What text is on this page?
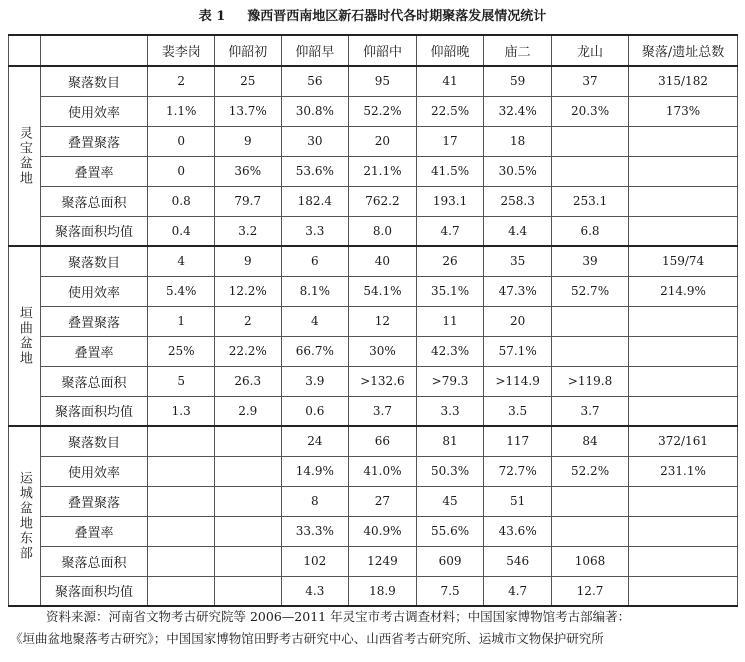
表 1 豫西晋西南地区新石器时代各时期聚落发展情况统计
		裴李岗	仰韶初	仰韶早	仰韶中	仰韶晚	庙二	龙山	聚落/遗址总数
灵宝盆地	聚落数目	2	25	56	95	41	59	37	315/182
	使用效率	1.1%	13.7%	30.8%	52.2%	22.5%	32.4%	20.3%	173%
	叠置聚落	0	9	30	20	17	18		
	叠置率	0	36%	53.6%	21.1%	41.5%	30.5%		
	聚落总面积	0.8	79.7	182.4	762.2	193.1	258.3	253.1	
	聚落面积均值	0.4	3.2	3.3	8.0	4.7	4.4	6.8	
垣曲盆地	聚落数目	4	9	6	40	26	35	39	159/74
	使用效率	5.4%	12.2%	8.1%	54.1%	35.1%	47.3%	52.7%	214.9%
	叠置聚落	1	2	4	12	11	20		
	叠置率	25%	22.2%	66.7%	30%	42.3%	57.1%		
	聚落总面积	5	26.3	3.9	>132.6	>79.3	>114.9	>119.8	
	聚落面积均值	1.3	2.9	0.6	3.7	3.3	3.5	3.7	
运城盆地东部	聚落数目			24	66	81	117	84	372/161
	使用效率			14.9%	41.0%	50.3%	72.7%	52.2%	231.1%
	叠置聚落			8	27	45	51		
	叠置率			33.3%	40.9%	55.6%	43.6%		
	聚落总面积			102	1249	609	546	1068	
	聚落面积均值			4.3	18.9	7.5	4.7	12.7	

资料来源：河南省文物考古研究院等 2006—2011 年灵宝市考古调查材料；中国国家博物馆考古部编著：

《垣曲盆地聚落考古研究》；中国国家博物馆田野考古研究中心、山西省考古研究所、运城市文物保护研究所
